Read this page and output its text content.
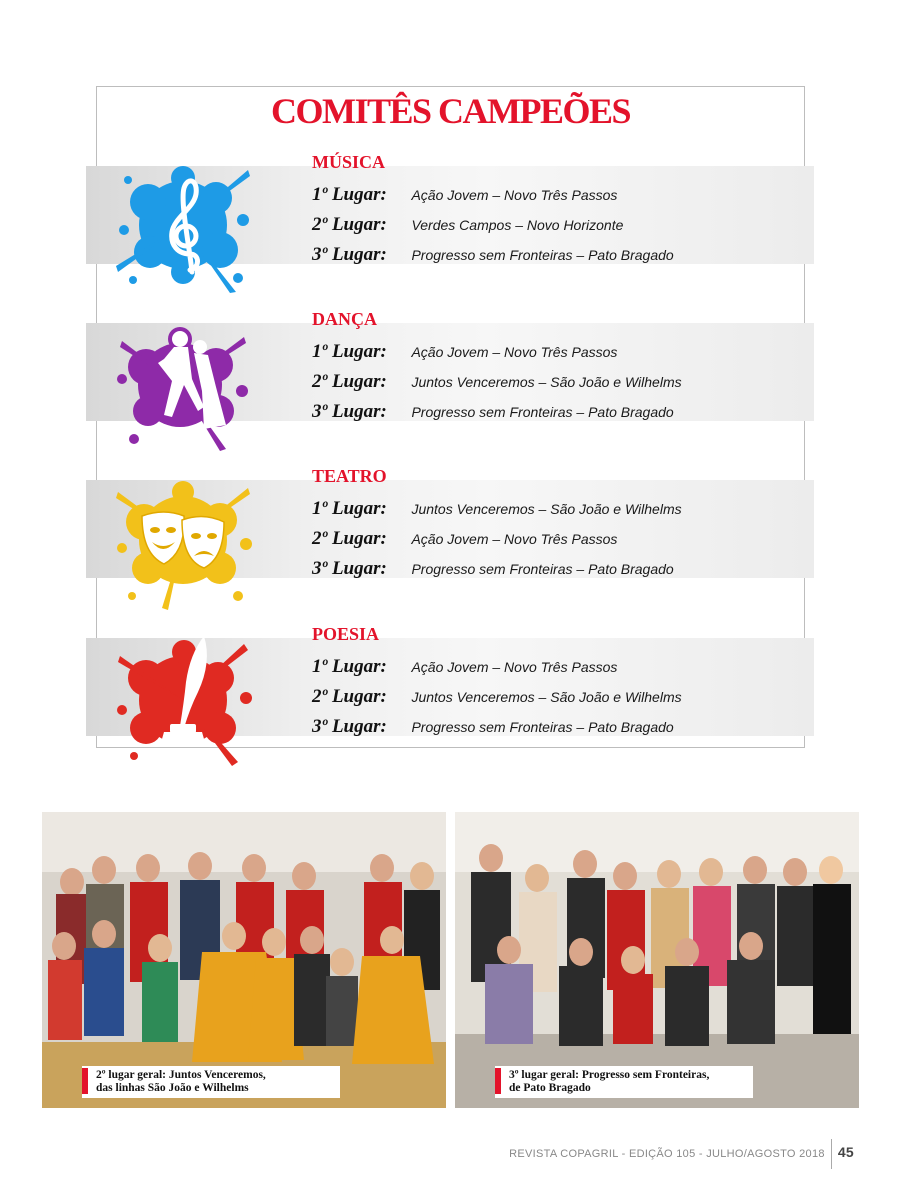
COMITÊS CAMPEÕES
MÚSICA
1º Lugar: Ação Jovem – Novo Três Passos
2º Lugar: Verdes Campos – Novo Horizonte
3º Lugar: Progresso sem Fronteiras – Pato Bragado
DANÇA
1º Lugar: Ação Jovem – Novo Três Passos
2º Lugar: Juntos Venceremos – São João e Wilhelms
3º Lugar: Progresso sem Fronteiras – Pato Bragado
TEATRO
1º Lugar: Juntos Venceremos – São João e Wilhelms
2º Lugar: Ação Jovem – Novo Três Passos
3º Lugar: Progresso sem Fronteiras – Pato Bragado
POESIA
1º Lugar: Ação Jovem – Novo Três Passos
2º Lugar: Juntos Venceremos – São João e Wilhelms
3º Lugar: Progresso sem Fronteiras – Pato Bragado
2º lugar geral: Juntos Venceremos,
das linhas São João e Wilhelms
3º lugar geral: Progresso sem Fronteiras,
de Pato Bragado
REVISTA COPAGRIL - EDIÇÃO 105 - JULHO/AGOSTO 2018 45
